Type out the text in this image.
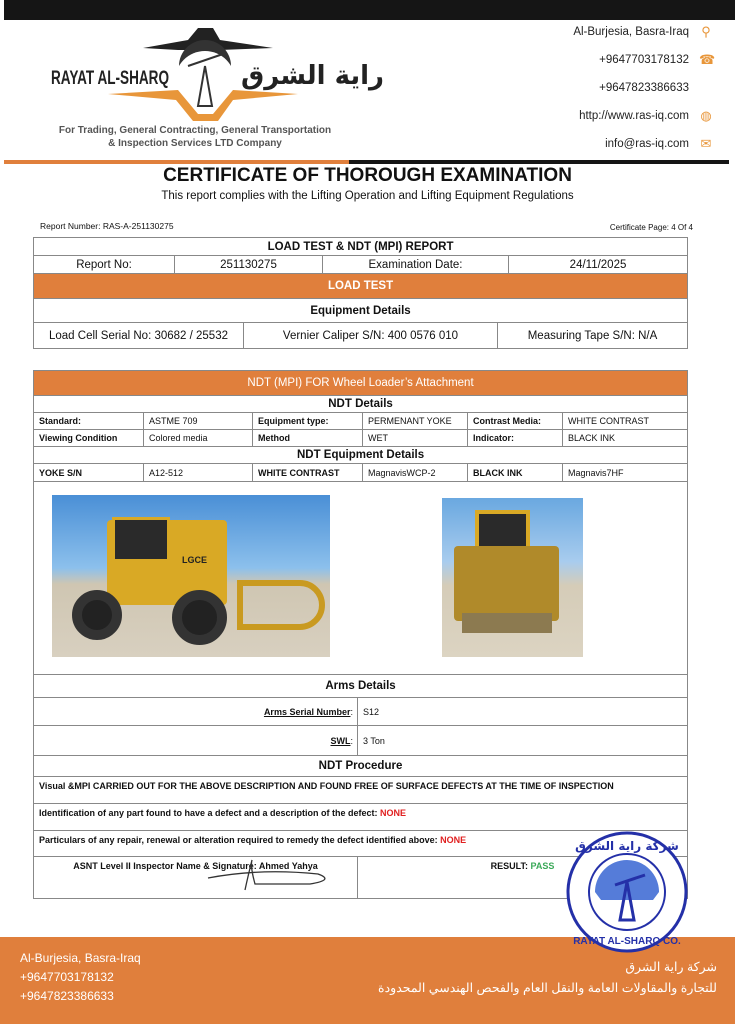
RAYAT AL-SHARQ	راية الشرق
For Trading, General Contracting, General Transportation
& Inspection Services LTD Company
Al-Burjesia, Basra-Iraq ⚲
+9647703178132 ☎
+9647823386633
http://www.ras-iq.com ◍
info@ras-iq.com ✉
CERTIFICATE OF THOROUGH EXAMINATION
This report complies with the Lifting Operation and Lifting Equipment Regulations
Report Number: RAS-A-251130275	Certificate Page: 4 Of 4
LOAD TEST & NDT (MPI) REPORT
Report No:	251130275	Examination Date:	24/11/2025
LOAD TEST
Equipment Details
Load Cell Serial No: 30682 / 25532	Vernier Caliper S/N: 400 0576 010	Measuring Tape S/N: N/A
NDT (MPI) FOR Wheel Loader’s Attachment					
NDT Details					
Standard:	ASTME 709	Equipment type:	PERMENANT YOKE	Contrast Media:	WHITE CONTRAST
Viewing Condition	Colored media	Method	WET	Indicator:	BLACK INK
NDT Equipment Details					
YOKE S/N	A12-512	WHITE CONTRAST	MagnavisWCP-2	BLACK INK	Magnavis7HF

Arms Details					
Arms Serial Number:	S12
SWL:	3 Ton
NDT Procedure	
Visual &MPI CARRIED OUT FOR THE ABOVE DESCRIPTION AND FOUND FREE OF SURFACE DEFECTS AT THE TIME OF INSPECTION	
Identification of any part found to have a defect and a description of the defect: NONE	
Particulars of any repair, renewal or alteration required to remedy the defect identified above: NONE	
ASNT Level II Inspector Name & Signature: Ahmed Yahya	RESULT: PASS
LGCE
Al-Burjesia, Basra-Iraq
+9647703178132
+9647823386633
شركة راية الشرق
للتجارة والمقاولات العامة والنقل العام والفحص الهندسي المحدودة
شركة راية الشرق
RAYAT AL-SHARQ CO.
